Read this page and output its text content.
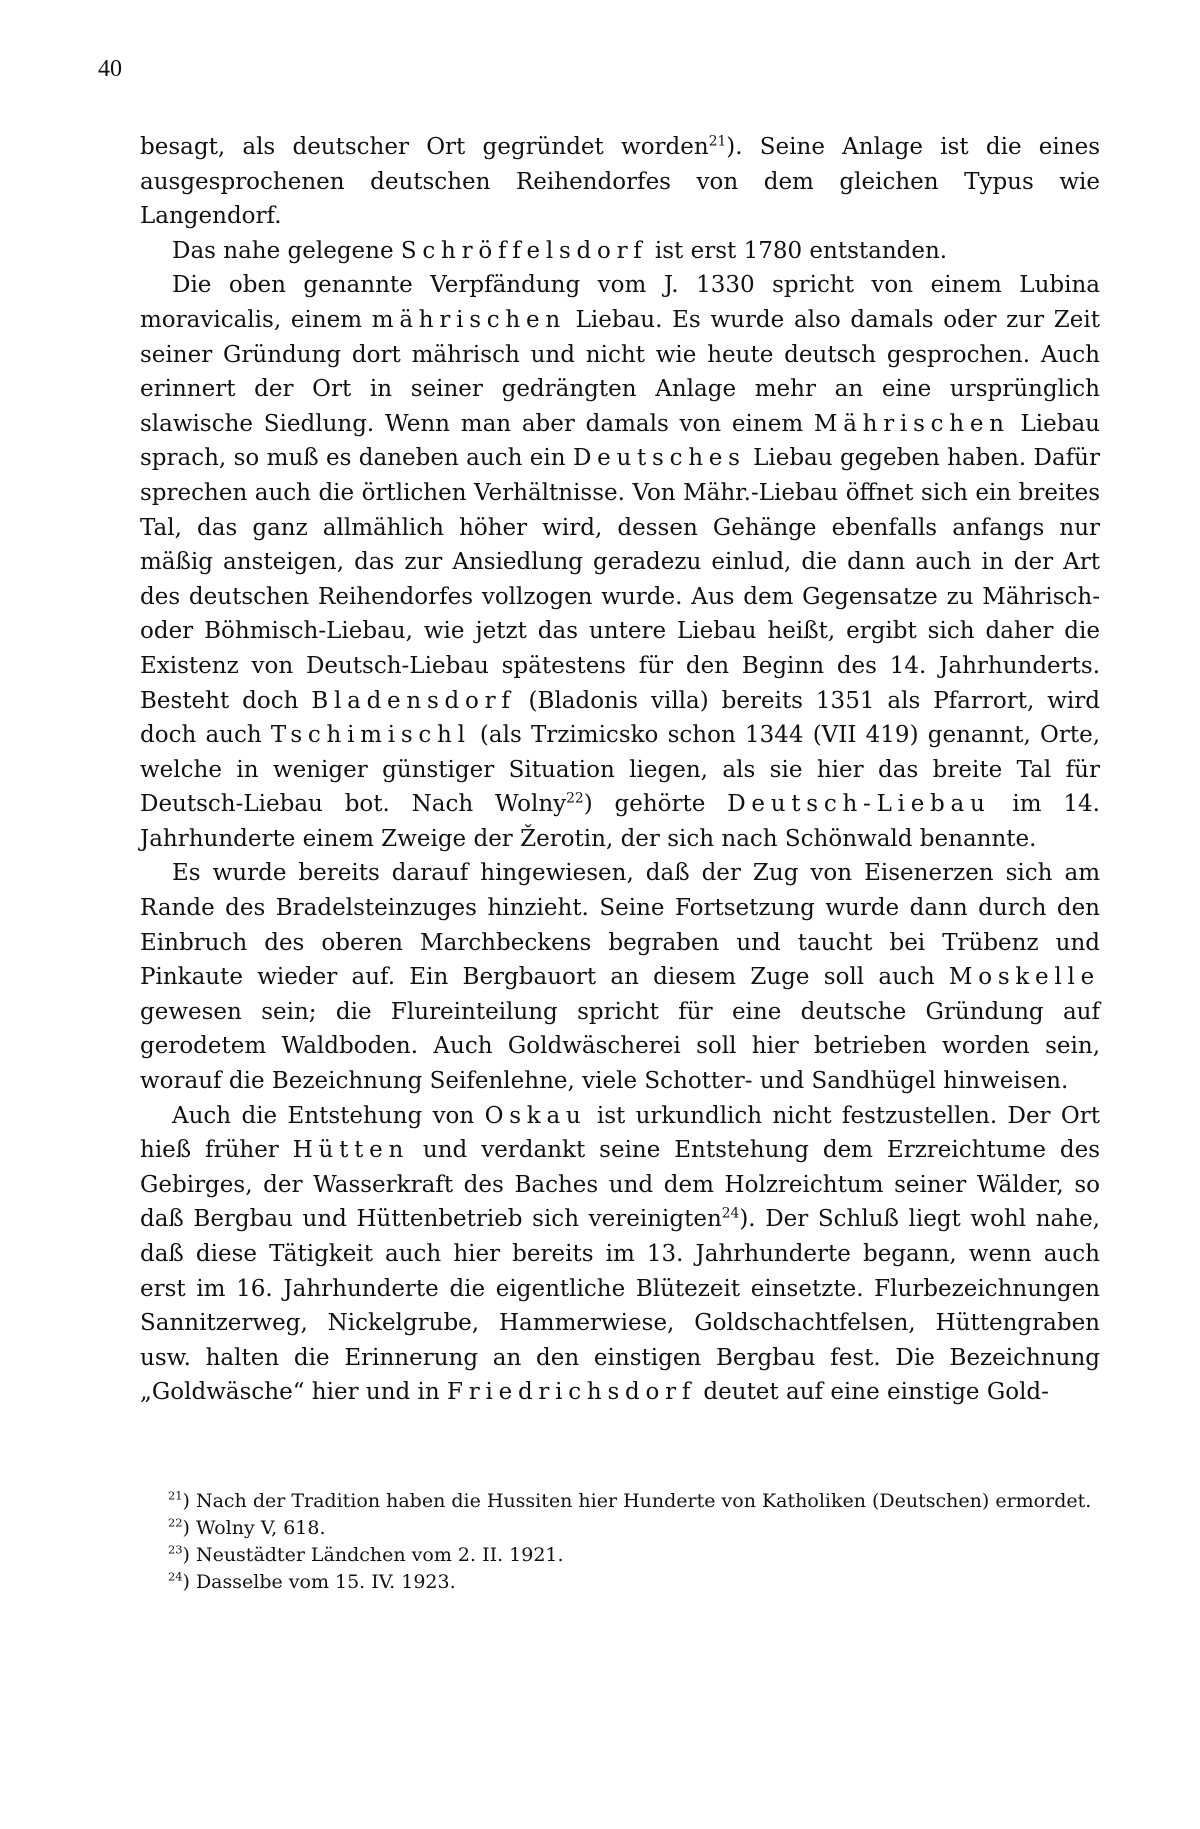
40

besagt, als deutscher Ort gegründet worden$^{21}$). Seine Anlage ist die eines ausgesprochenen deutschen Reihendorfes von dem gleichen Typus wie Langendorf.

Das nahe gelegene Schröffelsdorf ist erst 1780 entstanden.

Die oben genannte Verpfändung vom J. 1330 spricht von einem Lubina moravicalis, einem mährischen Liebau. Es wurde also damals oder zur Zeit seiner Gründung dort mährisch und nicht wie heute deutsch gesprochen. Auch erinnert der Ort in seiner gedrängten Anlage mehr an eine ursprünglich slawische Siedlung. Wenn man aber damals von einem Mährischen Liebau sprach, so muß es daneben auch ein Deutsches Liebau gegeben haben. Dafür sprechen auch die örtlichen Verhältnisse. Von Mähr.-Liebau öffnet sich ein breites Tal, das ganz allmählich höher wird, dessen Gehänge ebenfalls anfangs nur mäßig ansteigen, das zur Ansiedlung geradezu einlud, die dann auch in der Art des deutschen Reihendorfes vollzogen wurde. Aus dem Gegensatze zu Mährisch- oder Böhmisch-Liebau, wie jetzt das untere Liebau heißt, ergibt sich daher die Existenz von Deutsch-Liebau spätestens für den Beginn des 14. Jahrhunderts. Besteht doch Bladensdorf (Bladonis villa) bereits 1351 als Pfarrort, wird doch auch Tschimischl (als Trzimicsko schon 1344 (VII 419) genannt, Orte, welche in weniger günstiger Situation liegen, als sie hier das breite Tal für Deutsch-Liebau bot. Nach Wolny$^{22}$) gehörte Deutsch-Liebau im 14. Jahrhunderte einem Zweige der Žerotin, der sich nach Schönwald benannte.

Es wurde bereits darauf hingewiesen, daß der Zug von Eisenerzen sich am Rande des Bradelsteinzuges hinzieht. Seine Fortsetzung wurde dann durch den Einbruch des oberen Marchbeckens begraben und taucht bei Trübenz und Pinkaute wieder auf. Ein Bergbauort an diesem Zuge soll auch Moskelle gewesen sein; die Flureinteilung spricht für eine deutsche Gründung auf gerodetem Waldboden. Auch Goldwäscherei soll hier betrieben worden sein, worauf die Bezeichnung Seifenlehne, viele Schotter- und Sandhügel hinweisen.

Auch die Entstehung von Oskau ist urkundlich nicht festzustellen. Der Ort hieß früher Hütten und verdankt seine Entstehung dem Erzreichtume des Gebirges, der Wasserkraft des Baches und dem Holzreichtum seiner Wälder, so daß Bergbau und Hüttenbetrieb sich vereinigten$^{24}$). Der Schluß liegt wohl nahe, daß diese Tätigkeit auch hier bereits im 13. Jahrhunderte begann, wenn auch erst im 16. Jahrhunderte die eigentliche Blütezeit einsetzte. Flurbezeichnungen Sannitzerweg, Nickelgrube, Hammerwiese, Goldschachtfelsen, Hüttengraben usw. halten die Erinnerung an den einstigen Bergbau fest. Die Bezeichnung „Goldwäsche“ hier und in Friedrichsdorf deutet auf eine einstige Gold-

$^{21}$) Nach der Tradition haben die Hussiten hier Hunderte von Katholiken (Deutschen) ermordet.

$^{22}$) Wolny V, 618.

$^{23}$) Neustädter Ländchen vom 2. II. 1921.

$^{24}$) Dasselbe vom 15. IV. 1923.
